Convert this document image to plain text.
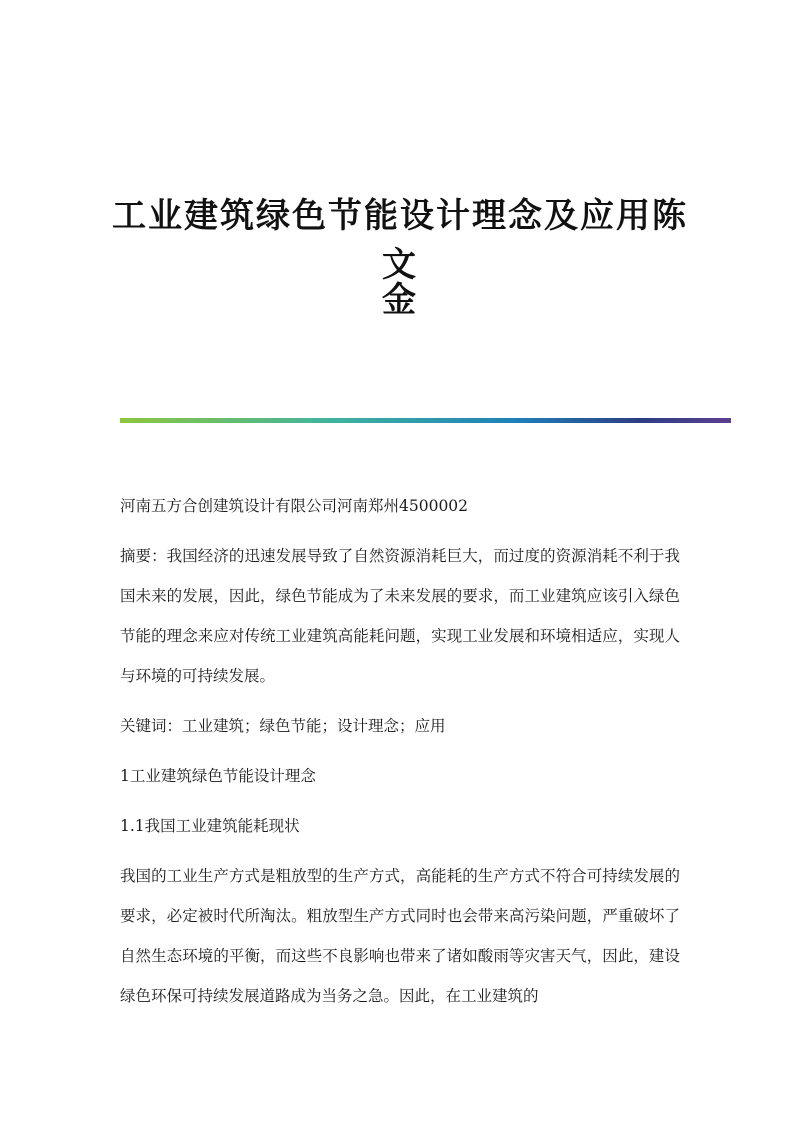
工业建筑绿色节能设计理念及应用陈文
金

河南五方合创建筑设计有限公司河南郑州4500002

摘要：我国经济的迅速发展导致了自然资源消耗巨大，而过度的资源消耗不利于我国未来的发展，因此，绿色节能成为了未来发展的要求，而工业建筑应该引入绿色节能的理念来应对传统工业建筑高能耗问题，实现工业发展和环境相适应，实现人与环境的可持续发展。

关键词：工业建筑；绿色节能；设计理念；应用

1工业建筑绿色节能设计理念

1.1我国工业建筑能耗现状

我国的工业生产方式是粗放型的生产方式，高能耗的生产方式不符合可持续发展的要求，必定被时代所淘汰。粗放型生产方式同时也会带来高污染问题，严重破坏了自然生态环境的平衡，而这些不良影响也带来了诸如酸雨等灾害天气，因此，建设绿色环保可持续发展道路成为当务之急。因此，在工业建筑的
